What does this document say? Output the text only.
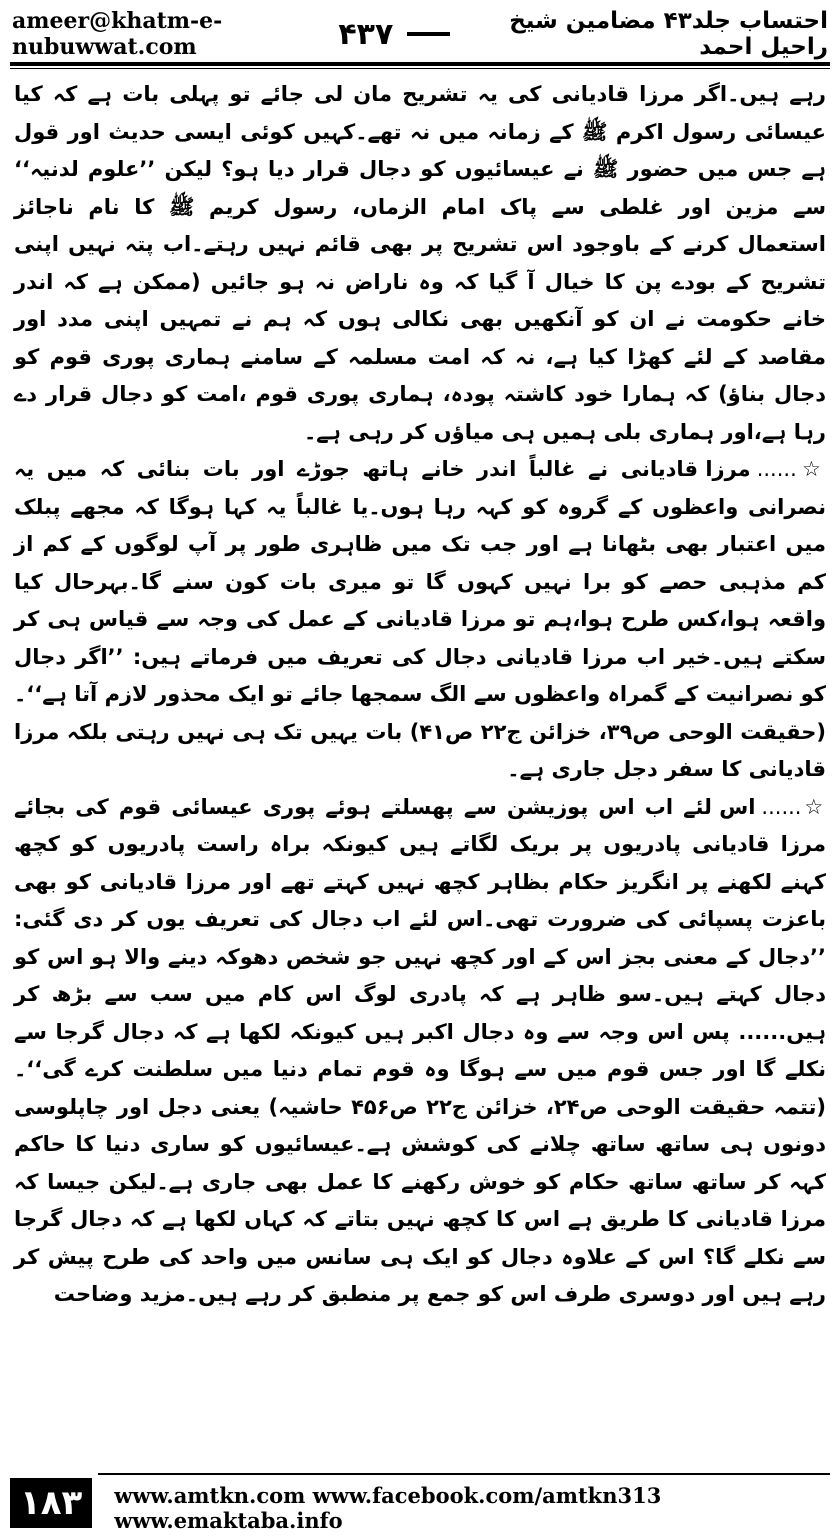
ameer@khatm-e-nubuwwat.com
احتساب جلد۴۳ مضامین شیخ راحیل احمد
۴۳۷

رہے ہیں۔اگر مرزا قادیانی کی یہ تشریح مان لی جائے تو پہلی بات ہے کہ کیا عیسائی رسول اکرم ﷺ کے زمانہ میں نہ تھے۔کہیں کوئی ایسی حدیث اور قول ہے جس میں حضور ﷺ نے عیسائیوں کو دجال قرار دیا ہو؟ لیکن ’’علوم لدنیہ‘‘ سے مزین اور غلطی سے پاک امام الزماں، رسول کریم ﷺ کا نام ناجائز استعمال کرنے کے باوجود اس تشریح پر بھی قائم نہیں رہتے۔اب پتہ نہیں اپنی تشریح کے بودے پن کا خیال آ گیا کہ وہ ناراض نہ ہو جائیں (ممکن ہے کہ اندر خانے حکومت نے ان کو آنکھیں بھی نکالی ہوں کہ ہم نے تمہیں اپنی مدد اور مقاصد کے لئے کھڑا کیا ہے، نہ کہ امت مسلمہ کے سامنے ہماری پوری قوم کو دجال بناؤ) کہ ہمارا خود کاشتہ پودہ، ہماری پوری قوم ،امت کو دجال قرار دے رہا ہے،اور ہماری بلی ہمیں ہی میاؤں کر رہی ہے۔

☆......مرزا قادیانی نے غالباً اندر خانے ہاتھ جوڑے اور بات بنائی کہ میں یہ نصرانی واعظوں کے گروہ کو کہہ رہا ہوں۔یا غالباً یہ کہا ہوگا کہ مجھے پبلک میں اعتبار بھی بٹھانا ہے اور جب تک میں ظاہری طور پر آپ لوگوں کے کم از کم مذہبی حصے کو برا نہیں کہوں گا تو میری بات کون سنے گا۔بہرحال کیا واقعہ ہوا،کس طرح ہوا،ہم تو مرزا قادیانی کے عمل کی وجہ سے قیاس ہی کر سکتے ہیں۔خیر اب مرزا قادیانی دجال کی تعریف میں فرماتے ہیں: ’’اگر دجال کو نصرانیت کے گمراہ واعظوں سے الگ سمجھا جائے تو ایک محذور لازم آتا ہے‘‘۔(حقیقت الوحی ص۳۹، خزائن ج۲۲ ص۴۱) بات یہیں تک ہی نہیں رہتی بلکہ مرزا قادیانی کا سفر دجل جاری ہے۔

☆......اس لئے اب اس پوزیشن سے پھسلتے ہوئے پوری عیسائی قوم کی بجائے مرزا قادیانی پادریوں پر بریک لگاتے ہیں کیونکہ براہ راست پادریوں کو کچھ کہنے لکھنے پر انگریز حکام بظاہر کچھ نہیں کہتے تھے اور مرزا قادیانی کو بھی باعزت پسپائی کی ضرورت تھی۔اس لئے اب دجال کی تعریف یوں کر دی گئی: ’’دجال کے معنی بجز اس کے اور کچھ نہیں جو شخص دھوکہ دینے والا ہو اس کو دجال کہتے ہیں۔سو ظاہر ہے کہ پادری لوگ اس کام میں سب سے بڑھ کر ہیں...... پس اس وجہ سے وہ دجال اکبر ہیں کیونکہ لکھا ہے کہ دجال گرجا سے نکلے گا اور جس قوم میں سے ہوگا وہ قوم تمام دنیا میں سلطنت کرے گی‘‘۔(تتمہ حقیقت الوحی ص۲۴، خزائن ج۲۲ ص۴۵۶ حاشیہ) یعنی دجل اور چاپلوسی دونوں ہی ساتھ ساتھ چلانے کی کوشش ہے۔عیسائیوں کو ساری دنیا کا حاکم کہہ کر ساتھ ساتھ حکام کو خوش رکھنے کا عمل بھی جاری ہے۔لیکن جیسا کہ مرزا قادیانی کا طریق ہے اس کا کچھ نہیں بتاتے کہ کہاں لکھا ہے کہ دجال گرجا سے نکلے گا؟ اس کے علاوہ دجال کو ایک ہی سانس میں واحد کی طرح پیش کر رہے ہیں اور دوسری طرف اس کو جمع پر منطبق کر رہے ہیں۔مزید وضاحت

۱۸۳	www.amtkn.com www.facebook.com/amtkn313 www.emaktaba.info
